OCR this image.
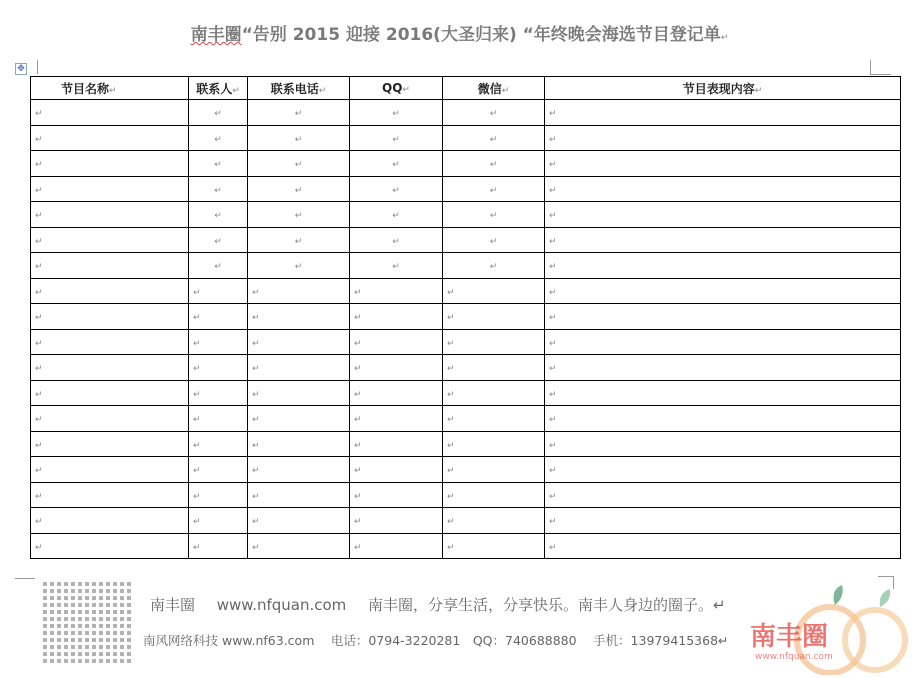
南丰圈“告别 2015 迎接 2016(大圣归来) “年终晚会海选节目登记单↵
✥
节目名称↵	联系人↵	联系电话↵	QQ↵	微信↵	节目表现内容↵
↵	↵	↵	↵	↵	↵
↵	↵	↵	↵	↵	↵
↵	↵	↵	↵	↵	↵
↵	↵	↵	↵	↵	↵
↵	↵	↵	↵	↵	↵
↵	↵	↵	↵	↵	↵
↵	↵	↵	↵	↵	↵
↵	↵	↵	↵	↵	↵
↵	↵	↵	↵	↵	↵
↵	↵	↵	↵	↵	↵
↵	↵	↵	↵	↵	↵
↵	↵	↵	↵	↵	↵
↵	↵	↵	↵	↵	↵
↵	↵	↵	↵	↵	↵
↵	↵	↵	↵	↵	↵
↵	↵	↵	↵	↵	↵
↵	↵	↵	↵	↵	↵
↵	↵	↵	↵	↵	↵
南丰圈　 www.nfquan.com　 南丰圈，分享生活，分享快乐。南丰人身边的圈子。↵
南风网络科技 www.nf63.com　 电话：0794-3220281　QQ：740688880　 手机：13979415368↵ 南丰圈
www.nfquan.com
